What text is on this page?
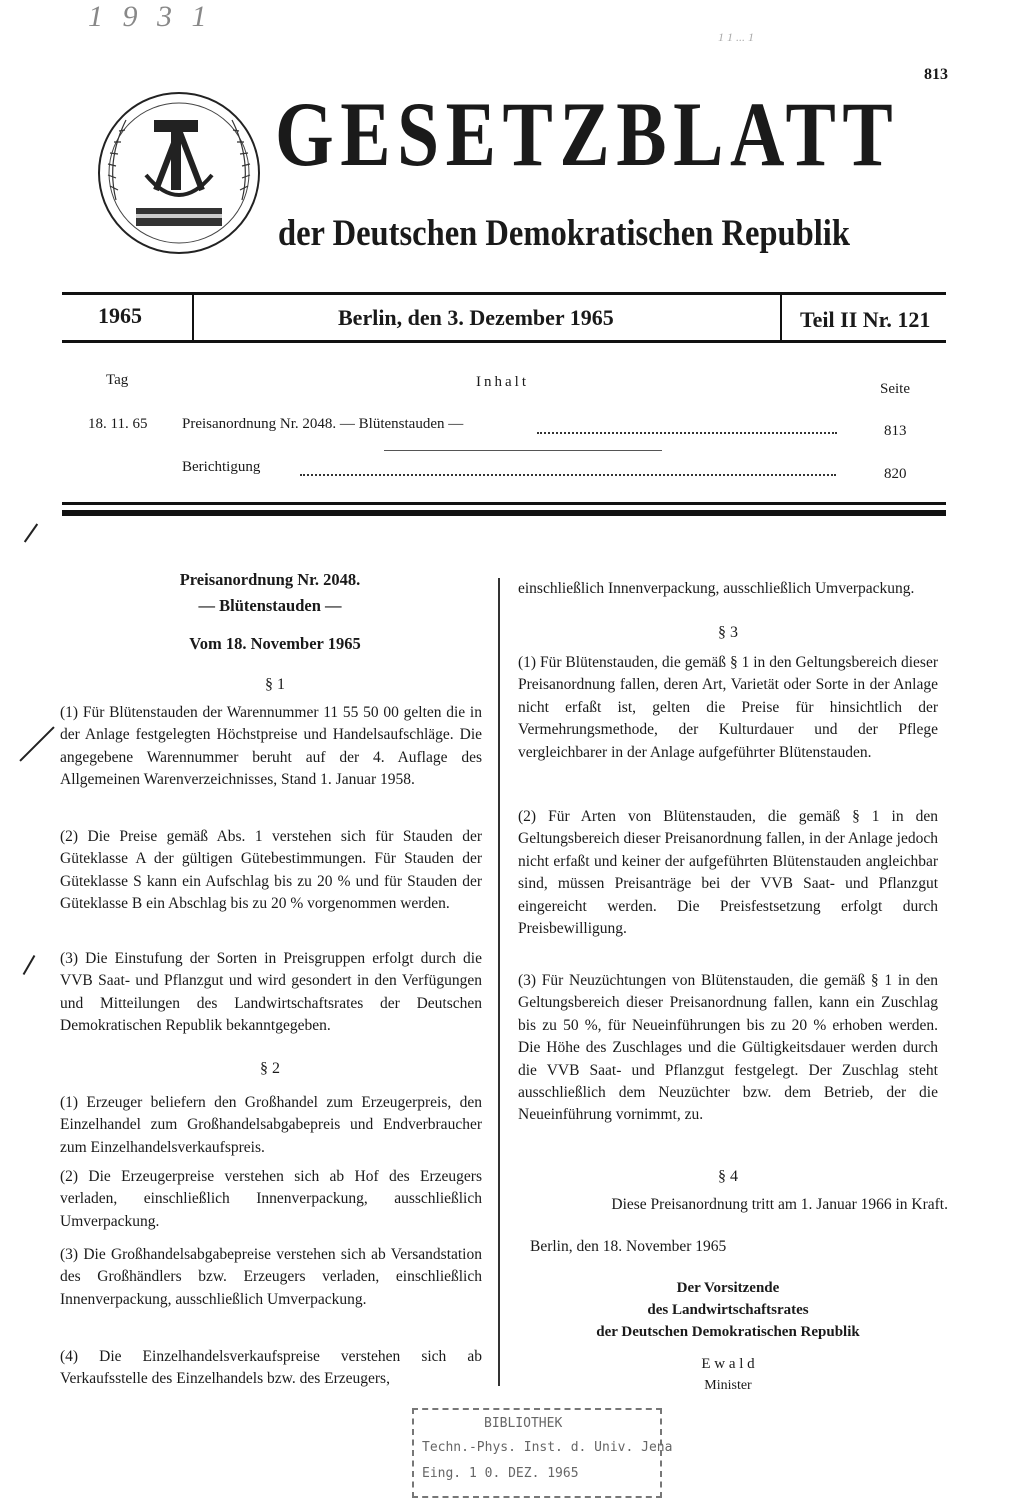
1 9 3 1
1 1 ... 1
813
GESETZBLATT
der Deutschen Demokratischen Republik
1965	Berlin, den 3. Dezember 1965	Teil II Nr. 121
Tag	Inhalt	Seite
18. 11. 65 Preisanordnung Nr. 2048. — Blütenstauden —	813
Berichtigung	820
Preisanordnung Nr. 2048.
— Blütenstauden —
Vom 18. November 1965
§ 1
(1) Für Blütenstauden der Warennummer 11 55 50 00 gelten die in der Anlage festgelegten Höchstpreise und Handelsaufschläge. Die angegebene Warennummer beruht auf der 4. Auflage des Allgemeinen Warenverzeichnisses, Stand 1. Januar 1958.
(2) Die Preise gemäß Abs. 1 verstehen sich für Stauden der Güteklasse A der gültigen Gütebestimmungen. Für Stauden der Güteklasse S kann ein Aufschlag bis zu 20 % und für Stauden der Güteklasse B ein Abschlag bis zu 20 % vorgenommen werden.
(3) Die Einstufung der Sorten in Preisgruppen erfolgt durch die VVB Saat- und Pflanzgut und wird gesondert in den Verfügungen und Mitteilungen des Landwirtschaftsrates der Deutschen Demokratischen Republik bekanntgegeben.
§ 2
(1) Erzeuger beliefern den Großhandel zum Erzeugerpreis, den Einzelhandel zum Großhandelsabgabepreis und Endverbraucher zum Einzelhandelsverkaufspreis.
(2) Die Erzeugerpreise verstehen sich ab Hof des Erzeugers verladen, einschließlich Innenverpackung, ausschließlich Umverpackung.
(3) Die Großhandelsabgabepreise verstehen sich ab Versandstation des Großhändlers bzw. Erzeugers verladen, einschließlich Innenverpackung, ausschließlich Umverpackung.
(4) Die Einzelhandelsverkaufspreise verstehen sich ab Verkaufsstelle des Einzelhandels bzw. des Erzeugers,
einschließlich Innenverpackung, ausschließlich Umverpackung.
§ 3
(1) Für Blütenstauden, die gemäß § 1 in den Geltungsbereich dieser Preisanordnung fallen, deren Art, Varietät oder Sorte in der Anlage nicht erfaßt ist, gelten die Preise für hinsichtlich der Vermehrungsmethode, der Kulturdauer und der Pflege vergleichbarer in der Anlage aufgeführter Blütenstauden.
(2) Für Arten von Blütenstauden, die gemäß § 1 in den Geltungsbereich dieser Preisanordnung fallen, in der Anlage jedoch nicht erfaßt und keiner der aufgeführten Blütenstauden angleichbar sind, müssen Preisanträge bei der VVB Saat- und Pflanzgut eingereicht werden. Die Preisfestsetzung erfolgt durch Preisbewilligung.
(3) Für Neuzüchtungen von Blütenstauden, die gemäß § 1 in den Geltungsbereich dieser Preisanordnung fallen, kann ein Zuschlag bis zu 50 %, für Neueinführungen bis zu 20 % erhoben werden. Die Höhe des Zuschlages und die Gültigkeitsdauer werden durch die VVB Saat- und Pflanzgut festgelegt. Der Zuschlag steht ausschließlich dem Neuzüchter bzw. dem Betrieb, der die Neueinführung vornimmt, zu.
§ 4
Diese Preisanordnung tritt am 1. Januar 1966 in Kraft.
Berlin, den 18. November 1965
Der Vorsitzende
des Landwirtschaftsrates
der Deutschen Demokratischen Republik
E w a l d
Minister
BIBLIOTHEK
Techn.-Phys. Inst. d. Univ. Jena
Eing. 1 0. DEZ. 1965
